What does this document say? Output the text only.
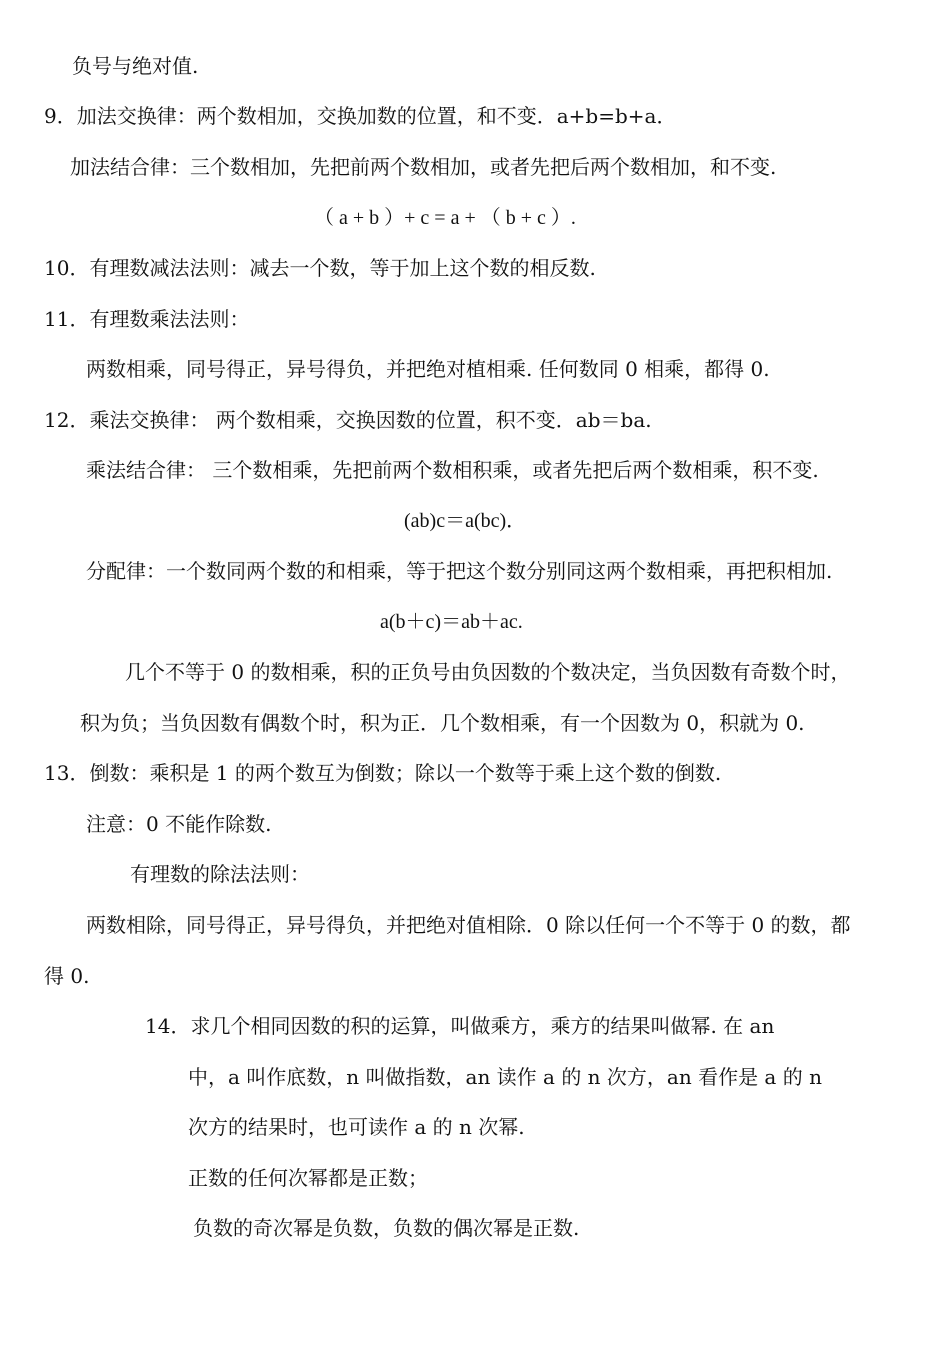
负号与绝对值.
9．加法交换律：两个数相加，交换加数的位置，和不变．a+b=b+a．
加法结合律：三个数相加，先把前两个数相加，或者先把后两个数相加，和不变.
（ a + b ）+ c = a + （ b + c ）.
10．有理数减法法则：减去一个数，等于加上这个数的相反数.
11．有理数乘法法则：
两数相乘，同号得正，异号得负，并把绝对植相乘. 任何数同 0 相乘，都得 0.
12．乘法交换律： 两个数相乘，交换因数的位置，积不变．ab＝ba.
乘法结合律： 三个数相乘，先把前两个数相积乘，或者先把后两个数相乘，积不变.
(ab)c＝a(bc)．
分配律：一个数同两个数的和相乘，等于把这个数分别同这两个数相乘，再把积相加.
a(b＋c)＝ab＋ac.
几个不等于 0 的数相乘，积的正负号由负因数的个数决定，当负因数有奇数个时，
积为负；当负因数有偶数个时，积为正．几个数相乘，有一个因数为 0，积就为 0.
13．倒数：乘积是 1 的两个数互为倒数；除以一个数等于乘上这个数的倒数.
注意：0 不能作除数.
有理数的除法法则：
两数相除，同号得正，异号得负，并把绝对值相除．0 除以任何一个不等于 0 的数，都
得 0.
14．求几个相同因数的积的运算，叫做乘方，乘方的结果叫做幂. 在 an
中，a 叫作底数，n 叫做指数，an 读作 a 的 n 次方，an 看作是 a 的 n
次方的结果时，也可读作 a 的 n 次幂.
正数的任何次幂都是正数；
负数的奇次幂是负数，负数的偶次幂是正数.
